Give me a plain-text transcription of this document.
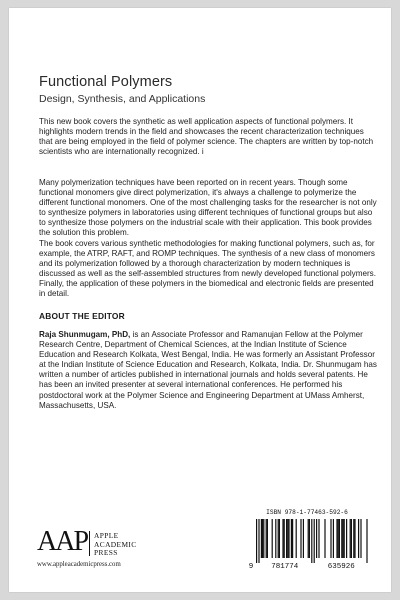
Functional Polymers
Design, Synthesis, and Applications

This new book covers the synthetic as well application aspects of functional polymers. It highlights modern trends in the field and showcases the recent characterization techniques that are being employed in the field of polymer science. The chapters are written by top-notch scientists who are internationally recognized. i

Many polymerization techniques have been reported on in recent years. Though some functional monomers give direct polymerization, it's always a challenge to polymerize the different functional monomers. One of the most challenging tasks for the researcher is not only to synthesize polymers in laboratories using different techniques of functional groups but also to synthesize those polymers on the industrial scale with their application. This book provides the solution this problem.

The book covers various synthetic methodologies for making functional polymers, such as, for example, the ATRP, RAFT, and ROMP techniques. The synthesis of a new class of monomers and its polymerization followed by a thorough characterization by modern techniques is discussed as well as the self-assembled structures from newly developed functional polymers. Finally, the application of these polymers in the biomedical and electronic fields are presented in detail.

ABOUT THE EDITOR

Raja Shunmugam, PhD, is an Associate Professor and Ramanujan Fellow at the Polymer Research Centre, Department of Chemical Sciences, at the Indian Institute of Science Education and Research Kolkata, West Bengal, India. He was formerly an Assistant Professor at the Indian Institute of Science Education and Research, Kolkata, India. Dr. Shunmugam has written a number of articles published in international journals and holds several patents. He has been an invited presenter at several international conferences. He performed his postdoctoral work at the Polymer Science and Engineering Department at UMass Amherst, Massachusetts, USA.

AAP APPLE
ACADEMIC
PRESS
www.appleacademicpress.com
ISBN 978-1-77463-592-6
9 781774	635926
